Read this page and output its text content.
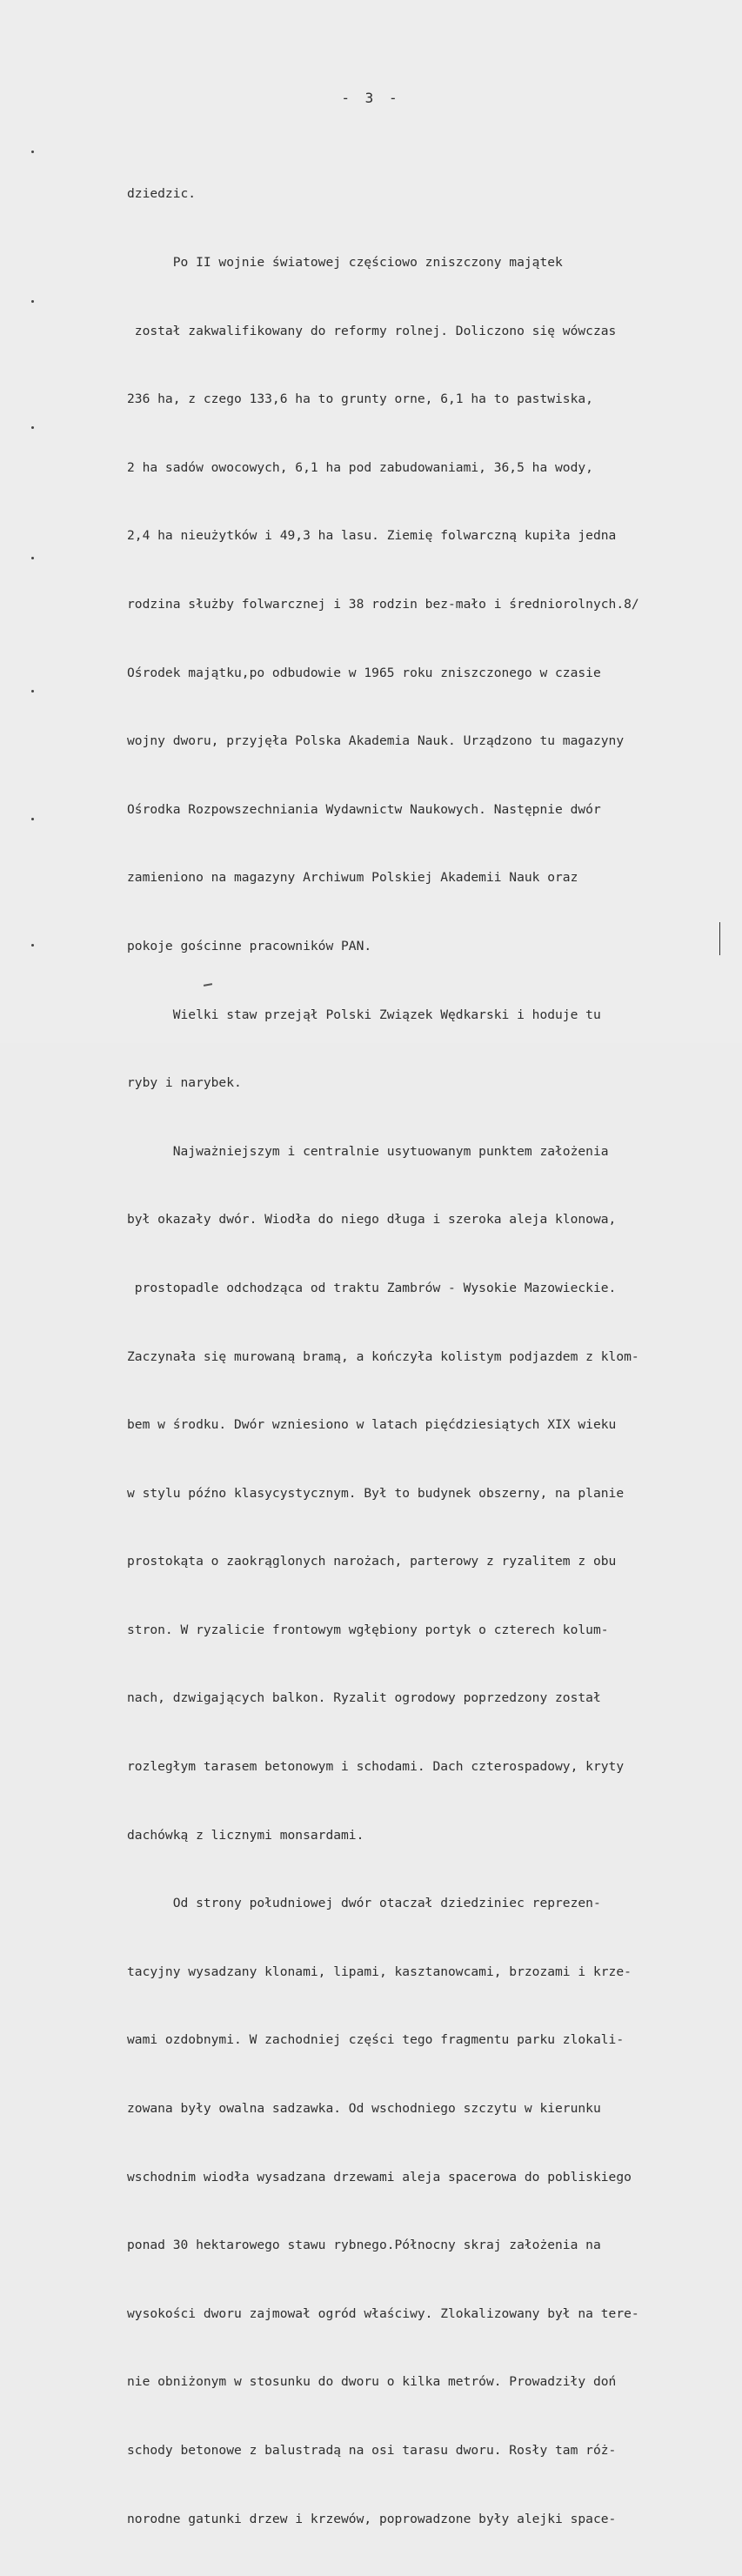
- 3 -

dziedzic.

Po II wojnie światowej częściowo zniszczony majątek

został zakwalifikowany do reformy rolnej. Doliczono się wówczas

236 ha, z czego 133,6 ha to grunty orne, 6,1 ha to pastwiska,

2 ha sadów owocowych, 6,1 ha pod zabudowaniami, 36,5 ha wody,

2,4 ha nieużytków i 49,3 ha lasu. Ziemię folwarczną kupiła jedna

rodzina służby folwarcznej i 38 rodzin bez-mało i średniorolnych.8/

Ośrodek majątku,po odbudowie w 1965 roku zniszczonego w czasie

wojny dworu, przyjęła Polska Akademia Nauk. Urządzono tu magazyny

Ośrodka Rozpowszechniania Wydawnictw Naukowych. Następnie dwór

zamieniono na magazyny Archiwum Polskiej Akademii Nauk oraz

pokoje gościnne pracowników PAN.

Wielki staw przejął Polski Związek Wędkarski i hoduje tu

ryby i narybek.

Najważniejszym i centralnie usytuowanym punktem założenia

był okazały dwór. Wiodła do niego długa i szeroka aleja klonowa,

prostopadle odchodząca od traktu Zambrów - Wysokie Mazowieckie.

Zaczynała się murowaną bramą, a kończyła kolistym podjazdem z klom-

bem w środku. Dwór wzniesiono w latach pięćdziesiątych XIX wieku

w stylu późno klasycystycznym. Był to budynek obszerny, na planie

prostokąta o zaokrąglonych narożach, parterowy z ryzalitem z obu

stron. W ryzalicie frontowym wgłębiony portyk o czterech kolum-

nach, dzwigających balkon. Ryzalit ogrodowy poprzedzony został

rozległym tarasem betonowym i schodami. Dach czterospadowy, kryty

dachówką z licznymi monsardami.

Od strony południowej dwór otaczał dziedziniec reprezen-

tacyjny wysadzany klonami, lipami, kasztanowcami, brzozami i krze-

wami ozdobnymi. W zachodniej części tego fragmentu parku zlokali-

zowana były owalna sadzawka. Od wschodniego szczytu w kierunku

wschodnim wiodła wysadzana drzewami aleja spacerowa do pobliskiego

ponad 30 hektarowego stawu rybnego.Północny skraj założenia na

wysokości dworu zajmował ogród właściwy. Zlokalizowany był na tere-

nie obniżonym w stosunku do dworu o kilka metrów. Prowadziły doń

schody betonowe z balustradą na osi tarasu dworu. Rosły tam róż-

norodne gatunki drzew i krzewów, poprowadzone były alejki space-
